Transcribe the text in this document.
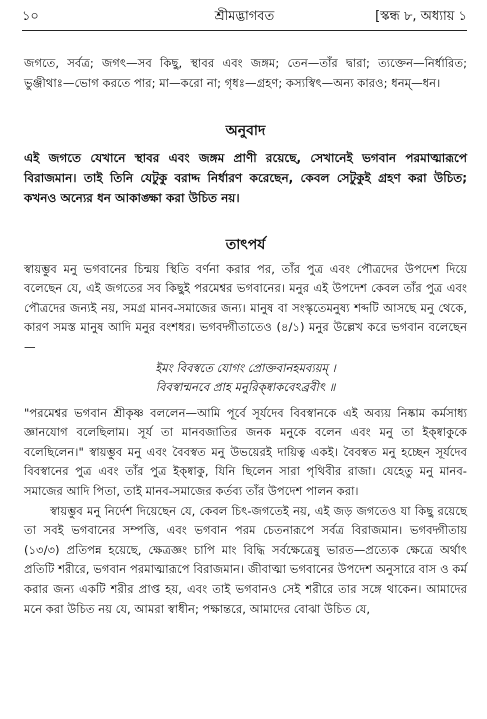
১০	শ্রীমদ্ভাগবত	[স্কন্ধ ৮, অধ্যায় ১

জগতে, সর্বত্র; জগৎ—সব কিছু, স্থাবর এবং জঙ্গম; তেন—তাঁর দ্বারা; ত্যক্তেন—নির্ধারিত; ভুঞ্জীথাঃ—ভোগ করতে পার; মা—করো না; গৃধঃ—গ্রহণ; কস্যস্বিৎ—অন্য কারও; ধনম্—ধন।

অনুবাদ

এই জগতে যেখানে স্থাবর এবং জঙ্গম প্রাণী রয়েছে, সেখানেই ভগবান পরমাত্মারূপে বিরাজমান। তাই তিনি যেটুকু বরাদ্দ নির্ধারণ করেছেন, কেবল সেটুকুই গ্রহণ করা উচিত; কখনও অন্যের ধন আকাঙ্ক্ষা করা উচিত নয়।

তাৎপর্য

স্বায়ম্ভুব মনু ভগবানের চিন্ময় স্থিতি বর্ণনা করার পর, তাঁর পুত্র এবং পৌত্রদের উপদেশ দিয়ে বলেছেন যে, এই জগতের সব কিছুই পরমেশ্বর ভগবানের। মনুর এই উপদেশ কেবল তাঁর পুত্র এবং পৌত্রদের জন্যই নয়, সমগ্র মানব-সমাজের জন্য। মানুষ বা সংস্কৃতেমনুষ্য শব্দটি আসছে মনু থেকে, কারণ সমস্ত মানুষ আদি মনুর বংশধর। ভগবদ্গীতাতেও (৪/১) মনুর উল্লেখ করে ভগবান বলেছেন—

ইমং বিবস্বতে যোগং প্রোক্তবানহমব্যয়ম্ ।
বিবস্বান্মনবে প্রাহ মনুরিক্ষ্বাকবেঽব্রবীৎ ॥

"পরমেশ্বর ভগবান শ্রীকৃষ্ণ বললেন—আমি পূর্বে সূর্যদেব বিবস্বানকে এই অব্যয় নিষ্কাম কর্মসাধ্য জ্ঞানযোগ বলেছিলাম। সূর্য তা মানবজাতির জনক মনুকে বলেন এবং মনু তা ইক্ষ্বাকুকে বলেছিলেন।" স্বায়ম্ভুব মনু এবং বৈবস্বত মনু উভয়েরই দায়িত্ব একই। বৈবস্বত মনু হচ্ছেন সূর্যদেব বিবস্বানের পুত্র এবং তাঁর পুত্র ইক্ষ্বাকু, যিনি ছিলেন সারা পৃথিবীর রাজা। যেহেতু মনু মানব-সমাজের আদি পিতা, তাই মানব-সমাজের কর্তব্য তাঁর উপদেশ পালন করা।

স্বায়ম্ভুব মনু নির্দেশ দিয়েছেন যে, কেবল চিৎ-জগতেই নয়, এই জড় জগতেও যা কিছু রয়েছে তা সবই ভগবানের সম্পত্তি, এবং ভগবান পরম চেতনারূপে সর্বত্র বিরাজমান। ভগবদ্গীতায় (১৩/৩) প্রতিপন্ন হয়েছে, ক্ষেত্রজ্ঞং চাপি মাং বিদ্ধি সর্বক্ষেত্রেষু ভারত—প্রত্যেক ক্ষেত্রে অর্থাৎ প্রতিটি শরীরে, ভগবান পরমাত্মারূপে বিরাজমান। জীবাত্মা ভগবানের উপদেশ অনুসারে বাস ও কর্ম করার জন্য একটি শরীর প্রাপ্ত হয়, এবং তাই ভগবানও সেই শরীরে তার সঙ্গে থাকেন। আমাদের মনে করা উচিত নয় যে, আমরা স্বাধীন; পক্ষান্তরে, আমাদের বোঝা উচিত যে,
